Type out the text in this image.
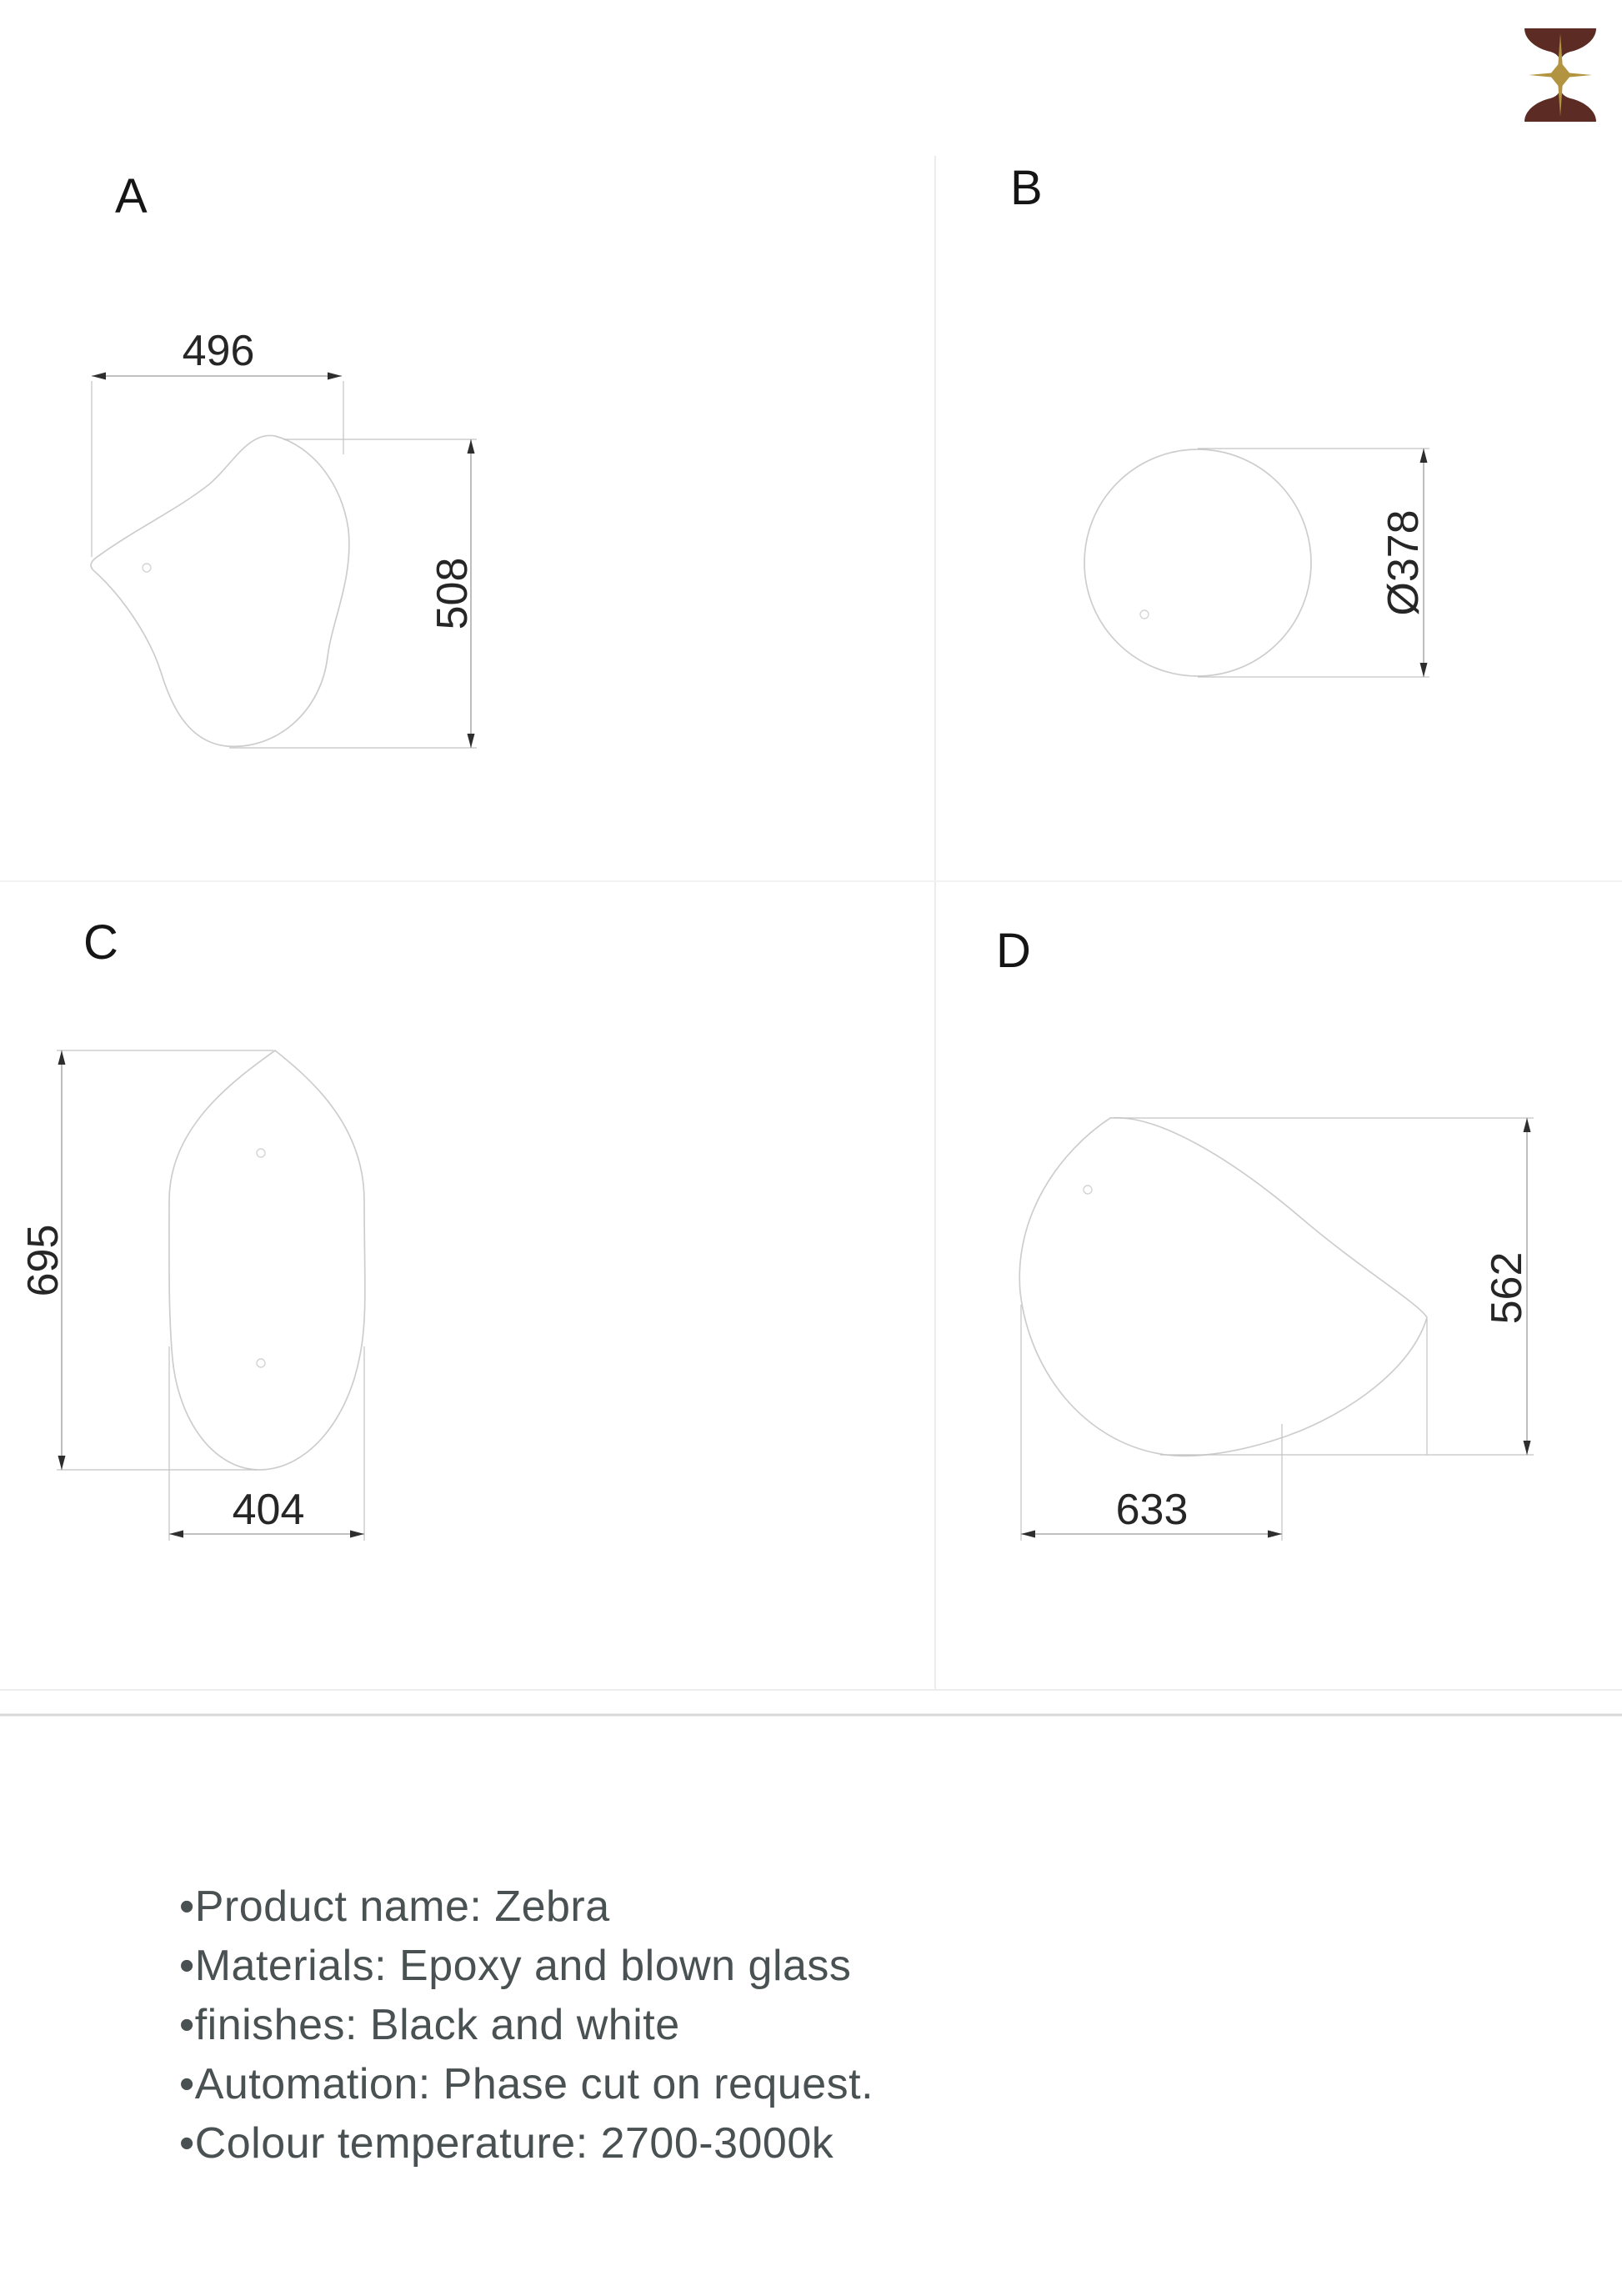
A
496
508
B
Ø378
C
695
404
D
562
633
•Product name: Zebra
•Materials: Epoxy and blown glass
•finishes: Black and white
•Automation: Phase cut on request.
•Colour temperature: 2700-3000k
